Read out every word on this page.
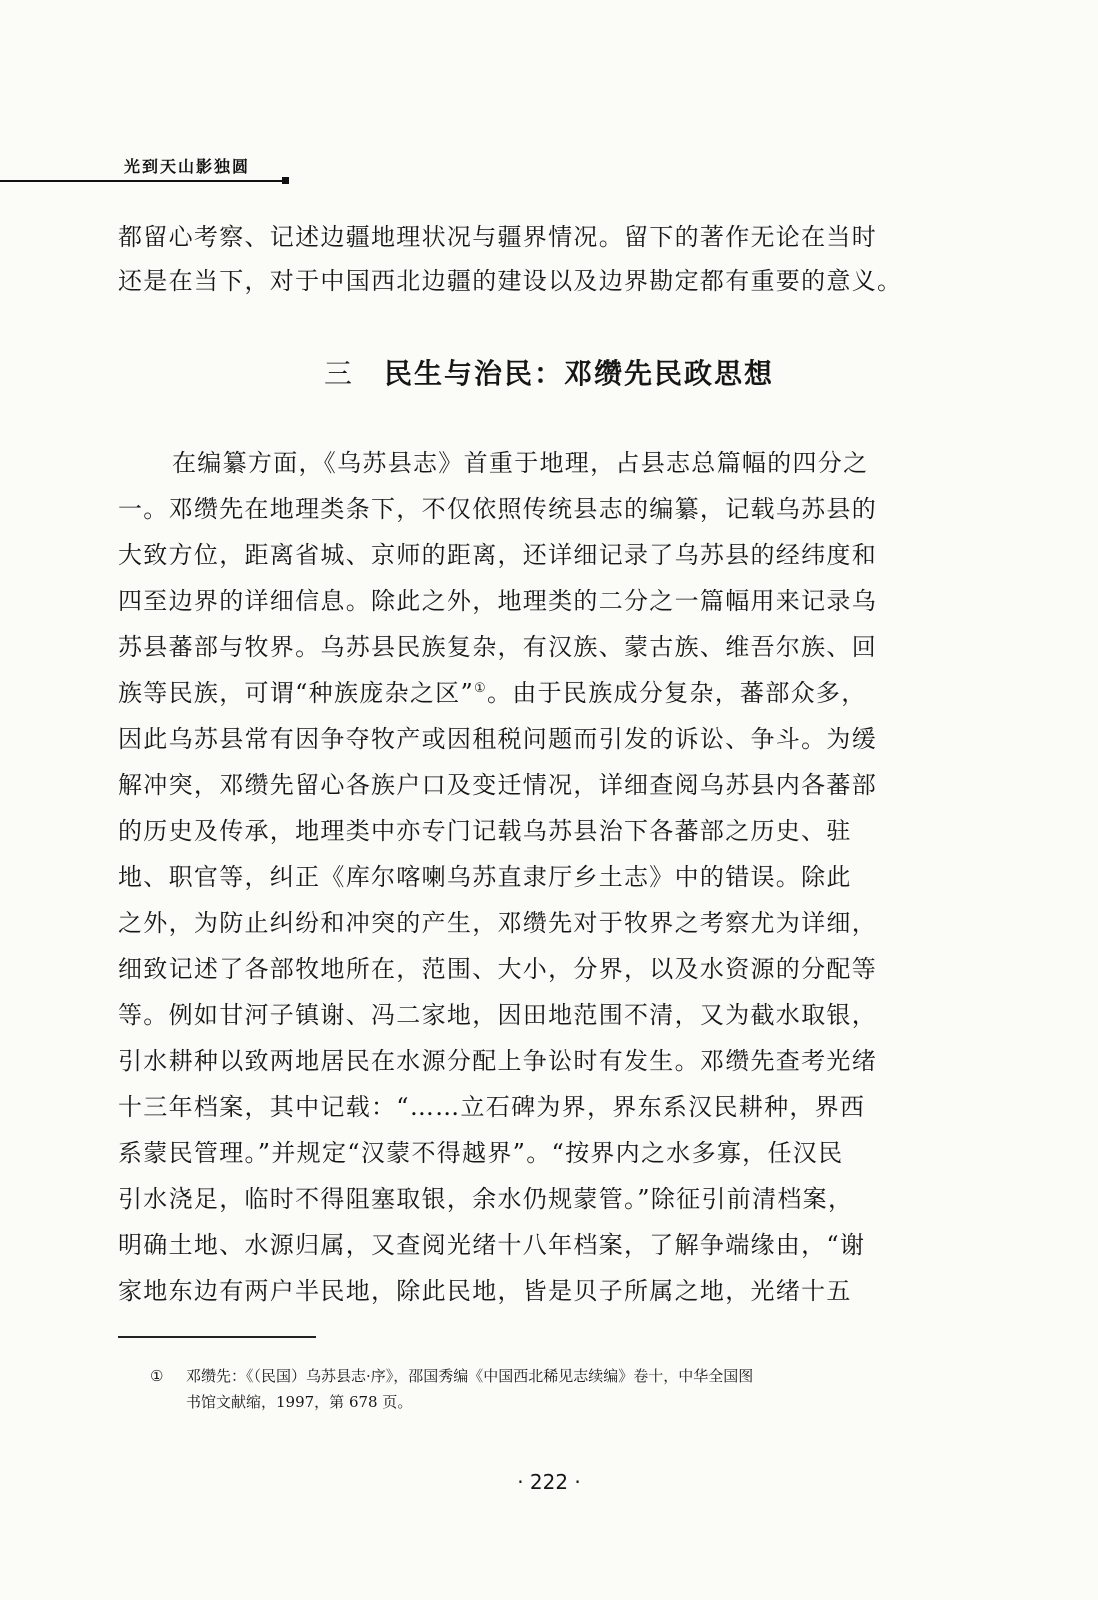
光到天山影独圆
都留心考察、记述边疆地理状况与疆界情况。留下的著作无论在当时
还是在当下，对于中国西北边疆的建设以及边界勘定都有重要的意义。
三 民生与治民：邓缵先民政思想
在编纂方面，《乌苏县志》首重于地理，占县志总篇幅的四分之
一。邓缵先在地理类条下，不仅依照传统县志的编纂，记载乌苏县的
大致方位，距离省城、京师的距离，还详细记录了乌苏县的经纬度和
四至边界的详细信息。除此之外，地理类的二分之一篇幅用来记录乌
苏县蕃部与牧界。乌苏县民族复杂，有汉族、蒙古族、维吾尔族、回
族等民族，可谓“种族庞杂之区”①。由于民族成分复杂，蕃部众多，
因此乌苏县常有因争夺牧产或因租税问题而引发的诉讼、争斗。为缓
解冲突，邓缵先留心各族户口及变迁情况，详细查阅乌苏县内各蕃部
的历史及传承，地理类中亦专门记载乌苏县治下各蕃部之历史、驻
地、职官等，纠正《库尔喀喇乌苏直隶厅乡土志》中的错误。除此
之外，为防止纠纷和冲突的产生，邓缵先对于牧界之考察尤为详细，
细致记述了各部牧地所在，范围、大小，分界，以及水资源的分配等
等。例如甘河子镇谢、冯二家地，因田地范围不清，又为截水取银，
引水耕种以致两地居民在水源分配上争讼时有发生。邓缵先查考光绪
十三年档案，其中记载：“……立石碑为界，界东系汉民耕种，界西
系蒙民管理。”并规定“汉蒙不得越界”。“按界内之水多寡，任汉民
引水浇足，临时不得阻塞取银，余水仍规蒙管。”除征引前清档案，
明确土地、水源归属，又查阅光绪十八年档案，了解争端缘由，“谢
家地东边有两户半民地，除此民地，皆是贝子所属之地，光绪十五
① 邓缵先：《（民国）乌苏县志·序》，邵国秀编《中国西北稀见志续编》卷十，中华全国图
书馆文献缩，1997，第 678 页。
· 222 ·
